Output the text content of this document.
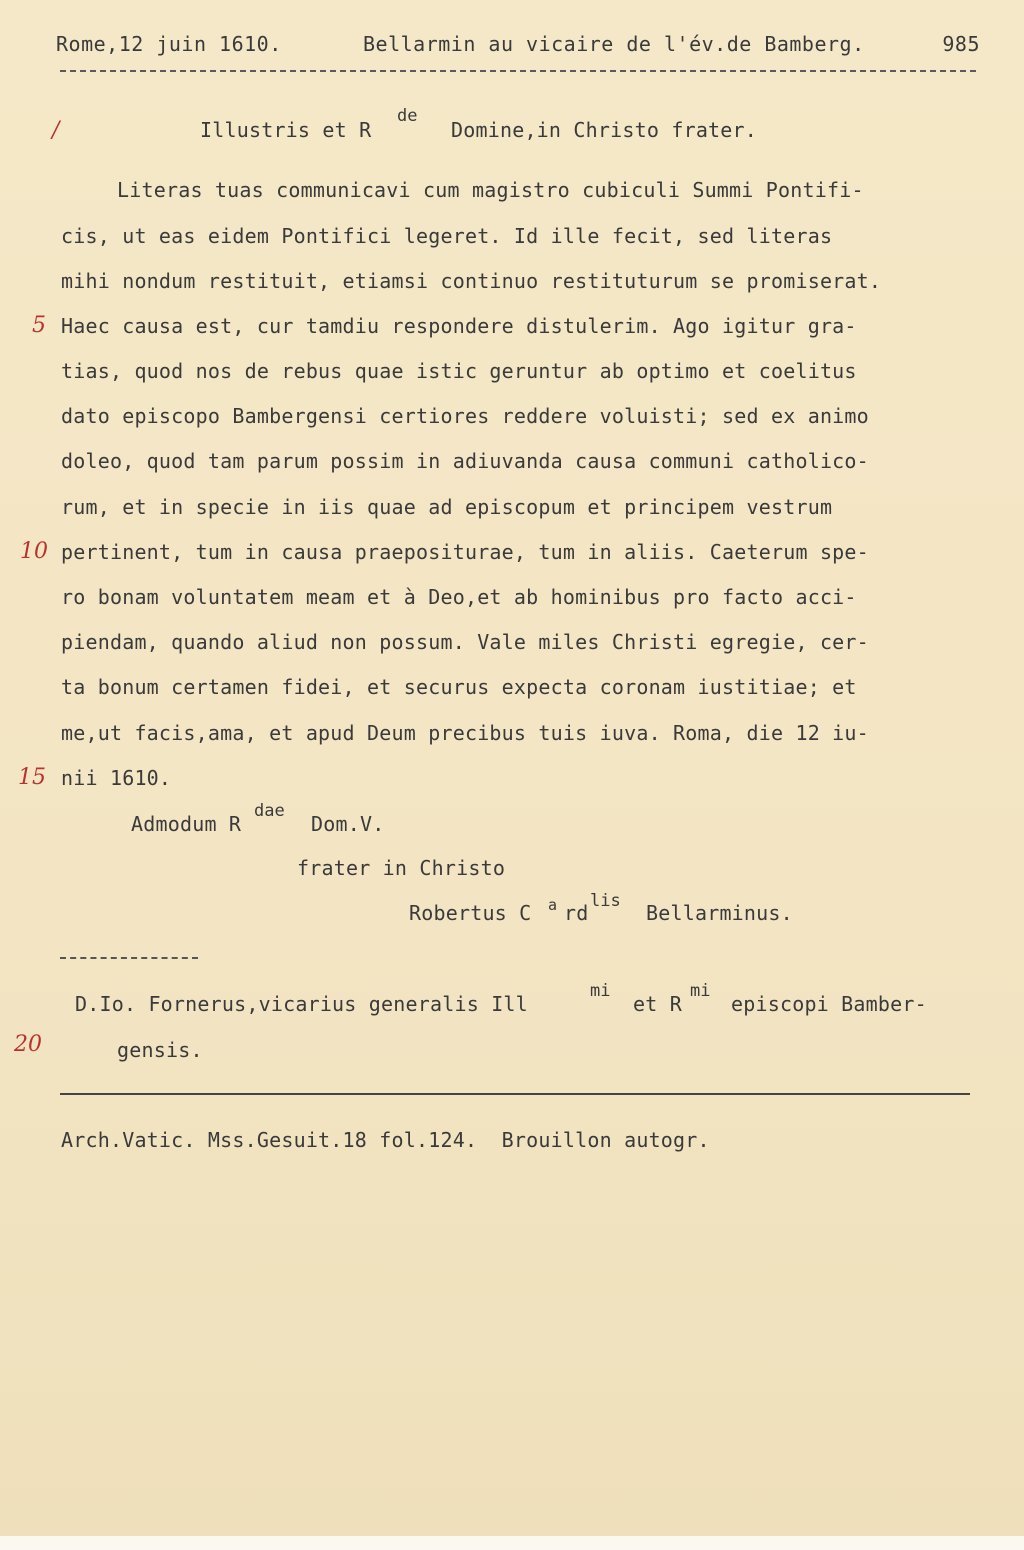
Rome,12 juin 1610.

	Bellarmin au vicaire de l'év.de Bamberg.

	985

/	Illustris et R
de
Domine,in Christo frater.
Literas tuas communicavi cum magistro cubiculi Summi Pontifi-
cis, ut eas eidem Pontifici legeret. Id ille fecit, sed literas
mihi nondum restituit, etiamsi continuo restituturum se promiserat.
5 Haec causa est, cur tamdiu respondere distulerim. Ago igitur gra-
tias, quod nos de rebus quae istic geruntur ab optimo et coelitus
dato episcopo Bambergensi certiores reddere voluisti; sed ex animo
doleo, quod tam parum possim in adiuvanda causa communi catholico-
rum, et in specie in iis quae ad episcopum et principem vestrum
10 pertinent, tum in causa praepositurae, tum in aliis. Caeterum spe-
ro bonam voluntatem meam et à Deo,et ab hominibus pro facto acci-
piendam, quando aliud non possum. Vale miles Christi egregie, cer-
ta bonum certamen fidei, et securus expecta coronam iustitiae; et
me,ut facis,ama, et apud Deum precibus tuis iuva. Roma, die 12 iu-
15 nii 1610.
Admodum R
dae
Dom.V.
frater in Christo
Robertus C a rd lis Bellarminus.
D.Io. Fornerus,vicarius generalis Ill
mi
et R
mi
episcopi Bamber-
20	gensis.
Arch.Vatic. Mss.Gesuit.18 fol.124.  Brouillon autogr.
